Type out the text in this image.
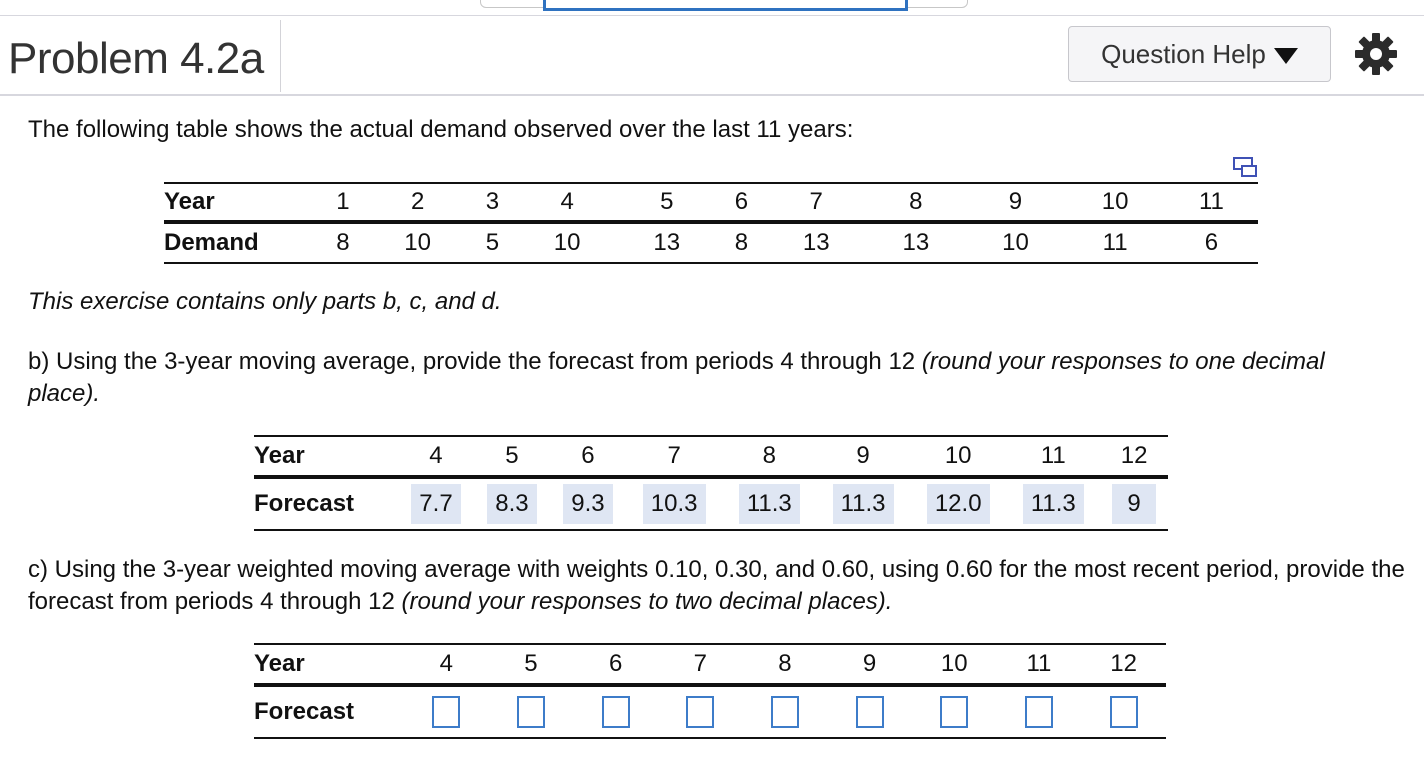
Problem 4.2a	Question Help
The following table shows the actual demand observed over the last 11 years:
Year	1	2	3	4	5	6	7	8	9	10	11
Demand	8	10	5	10	13	8	13	13	10	11	6
This exercise contains only parts b, c, and d.
b) Using the 3-year moving average, provide the forecast from periods 4 through 12 (round your responses to one decimal place).
Year	4	5	6	7	8	9	10	11	12
Forecast	7.7	8.3	9.3	10.3	11.3	11.3	12.0	11.3	9
c) Using the 3-year weighted moving average with weights 0.10, 0.30, and 0.60, using 0.60 for the most recent period, provide the forecast from periods 4 through 12 (round your responses to two decimal places).
Year	4	5	6	7	8	9	10	11	12
Forecast									
